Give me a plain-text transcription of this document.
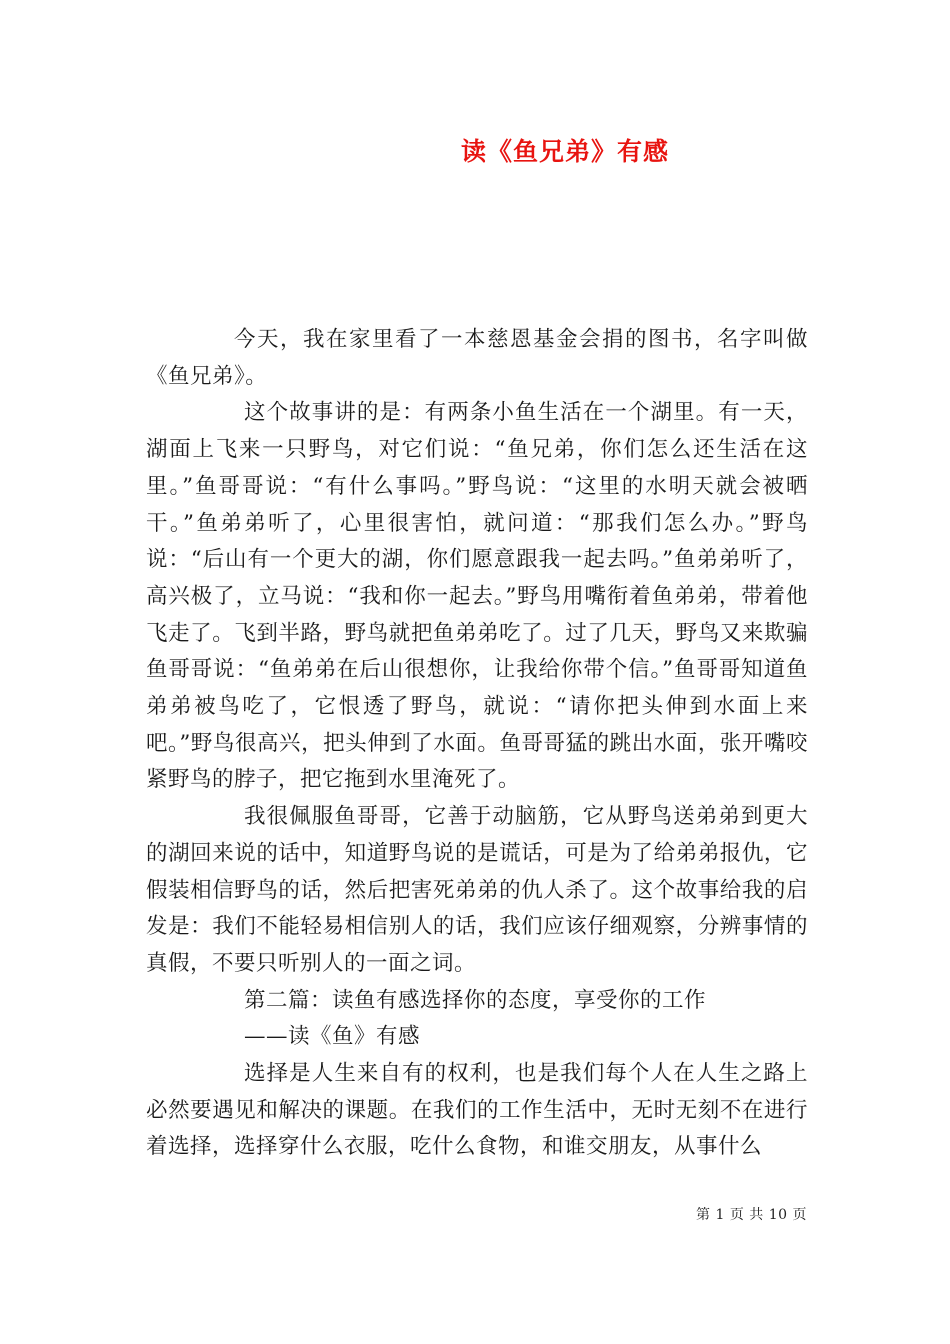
读《鱼兄弟》有感

今天，我在家里看了一本慈恩基金会捐的图书，名字叫做《鱼兄弟》。

这个故事讲的是：有两条小鱼生活在一个湖里。有一天，湖面上飞来一只野鸟，对它们说：“鱼兄弟，你们怎么还生活在这里。”鱼哥哥说：“有什么事吗。”野鸟说：“这里的水明天就会被晒干。”鱼弟弟听了，心里很害怕，就问道：“那我们怎么办。”野鸟说：“后山有一个更大的湖，你们愿意跟我一起去吗。”鱼弟弟听了，高兴极了，立马说：“我和你一起去。”野鸟用嘴衔着鱼弟弟，带着他飞走了。飞到半路，野鸟就把鱼弟弟吃了。过了几天，野鸟又来欺骗鱼哥哥说：“鱼弟弟在后山很想你，让我给你带个信。”鱼哥哥知道鱼弟弟被鸟吃了，它恨透了野鸟，就说：“请你把头伸到水面上来吧。”野鸟很高兴，把头伸到了水面。鱼哥哥猛的跳出水面，张开嘴咬紧野鸟的脖子，把它拖到水里淹死了。

我很佩服鱼哥哥，它善于动脑筋，它从野鸟送弟弟到更大的湖回来说的话中，知道野鸟说的是谎话，可是为了给弟弟报仇，它假装相信野鸟的话，然后把害死弟弟的仇人杀了。这个故事给我的启发是：我们不能轻易相信别人的话，我们应该仔细观察，分辨事情的真假，不要只听别人的一面之词。

第二篇：读鱼有感选择你的态度，享受你的工作

——读《鱼》有感

选择是人生来自有的权利，也是我们每个人在人生之路上必然要遇见和解决的课题。在我们的工作生活中，无时无刻不在进行着选择，选择穿什么衣服，吃什么食物，和谁交朋友，从事什么

第 1 页 共 10 页
